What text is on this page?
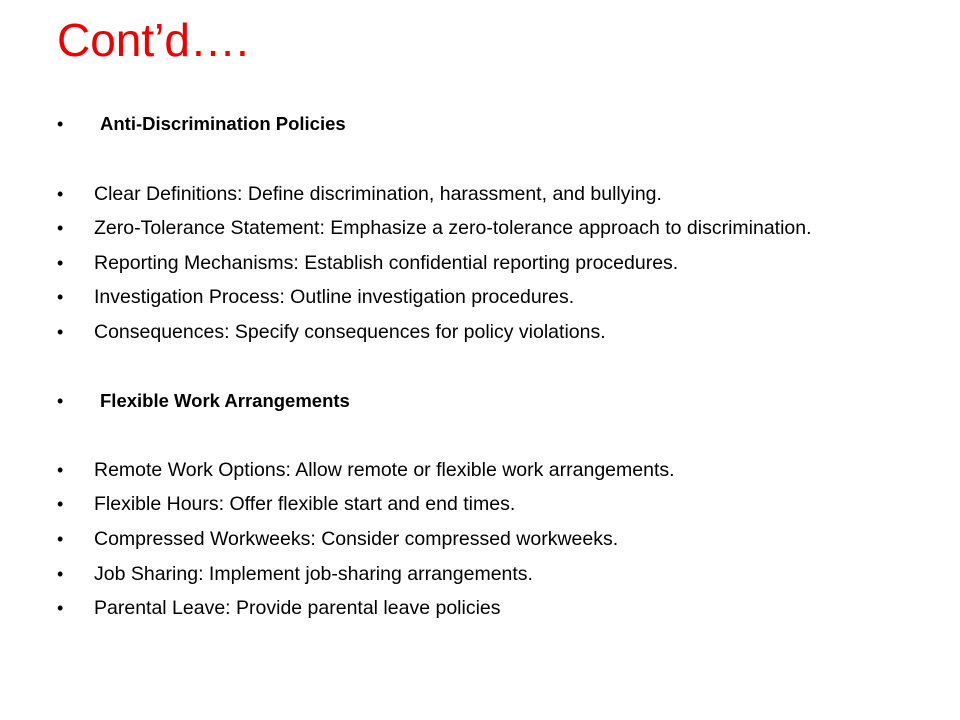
Cont’d….
•	Anti-Discrimination Policies
• Clear Definitions: Define discrimination, harassment, and bullying.
• Zero-Tolerance Statement: Emphasize a zero-tolerance approach to discrimination.
• Reporting Mechanisms: Establish confidential reporting procedures.
• Investigation Process: Outline investigation procedures.
• Consequences: Specify consequences for policy violations.
•	Flexible Work Arrangements
• Remote Work Options: Allow remote or flexible work arrangements.
• Flexible Hours: Offer flexible start and end times.
• Compressed Workweeks: Consider compressed workweeks.
• Job Sharing: Implement job-sharing arrangements.
• Parental Leave: Provide parental leave policies
